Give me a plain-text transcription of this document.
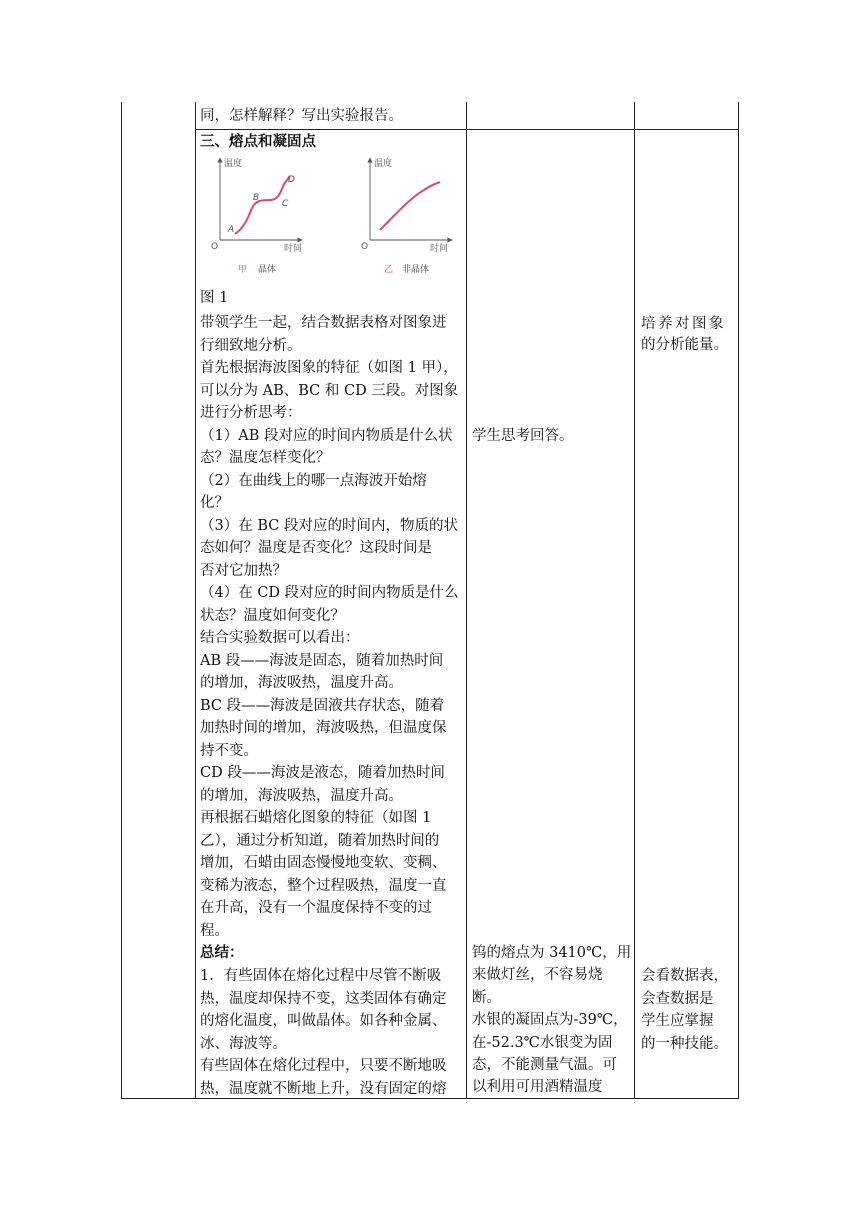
同，怎样解释？写出实验报告。
三、熔点和凝固点
温度
时间
O
A
B
C
D
甲 晶体
温度
时间
O
乙 非晶体
图 1
带领学生一起，结合数据表格对图象进
行细致地分析。
首先根据海波图象的特征（如图 1 甲），
可以分为 AB、BC 和 CD 三段。对图象
进行分析思考：
（1）AB 段对应的时间内物质是什么状
态？温度怎样变化？
（2）在曲线上的哪一点海波开始熔
化？
（3）在 BC 段对应的时间内，物质的状
态如何？温度是否变化？这段时间是
否对它加热？
（4）在 CD 段对应的时间内物质是什么
状态？温度如何变化？
结合实验数据可以看出：
AB 段——海波是固态，随着加热时间
的增加，海波吸热，温度升高。
BC 段——海波是固液共存状态，随着
加热时间的增加，海波吸热，但温度保
持不变。
CD 段——海波是液态，随着加热时间
的增加，海波吸热，温度升高。
再根据石蜡熔化图象的特征（如图 1
乙），通过分析知道，随着加热时间的
增加，石蜡由固态慢慢地变软、变稠、
变稀为液态，整个过程吸热，温度一直
在升高，没有一个温度保持不变的过
程。
学生思考回答。
培养对图象
的分析能量。
总结：
1．有些固体在熔化过程中尽管不断吸
热，温度却保持不变，这类固体有确定
的熔化温度，叫做晶体。如各种金属、
冰、海波等。
有些固体在熔化过程中，只要不断地吸
热，温度就不断地上升，没有固定的熔
钨的熔点为 3410℃，用
来做灯丝，不容易烧
断。
水银的凝固点为-39℃，
在-52.3℃水银变为固
态，不能测量气温。可
以利用可用酒精温度
会看数据表，
会查数据是
学生应掌握
的一种技能。
